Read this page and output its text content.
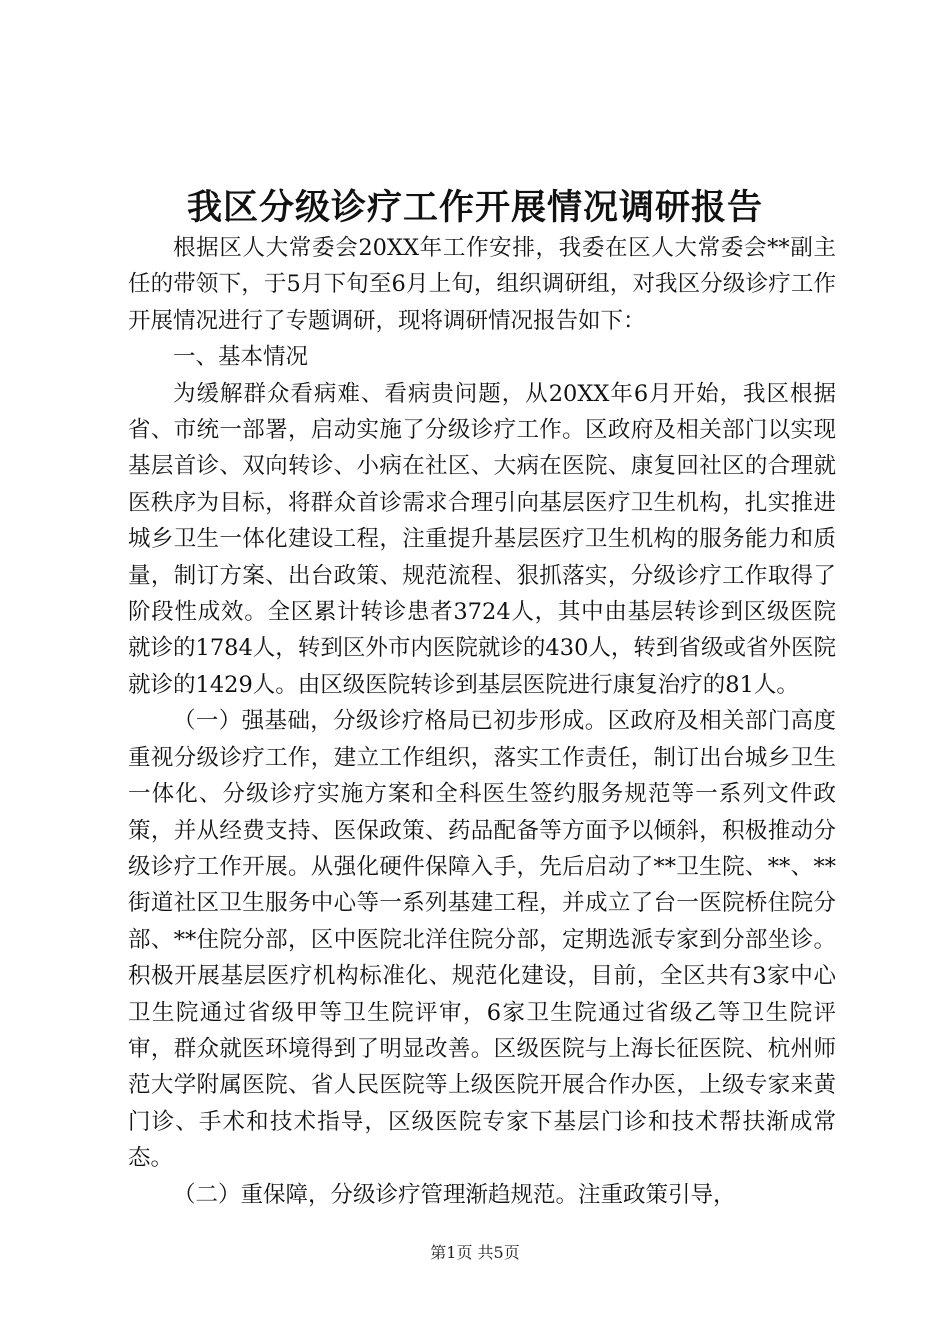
我区分级诊疗工作开展情况调研报告

根据区人大常委会20XX年工作安排，我委在区人大常委会**副主任的带领下，于5月下旬至6月上旬，组织调研组，对我区分级诊疗工作开展情况进行了专题调研，现将调研情况报告如下：

一、基本情况

为缓解群众看病难、看病贵问题，从20XX年6月开始，我区根据省、市统一部署，启动实施了分级诊疗工作。区政府及相关部门以实现基层首诊、双向转诊、小病在社区、大病在医院、康复回社区的合理就医秩序为目标，将群众首诊需求合理引向基层医疗卫生机构，扎实推进城乡卫生一体化建设工程，注重提升基层医疗卫生机构的服务能力和质量，制订方案、出台政策、规范流程、狠抓落实，分级诊疗工作取得了阶段性成效。全区累计转诊患者3724人，其中由基层转诊到区级医院就诊的1784人，转到区外市内医院就诊的430人，转到省级或省外医院就诊的1429人。由区级医院转诊到基层医院进行康复治疗的81人。

（一）强基础，分级诊疗格局已初步形成。区政府及相关部门高度重视分级诊疗工作，建立工作组织，落实工作责任，制订出台城乡卫生一体化、分级诊疗实施方案和全科医生签约服务规范等一系列文件政策，并从经费支持、医保政策、药品配备等方面予以倾斜，积极推动分级诊疗工作开展。从强化硬件保障入手，先后启动了**卫生院、**、**街道社区卫生服务中心等一系列基建工程，并成立了台一医院桥住院分部、**住院分部，区中医院北洋住院分部，定期选派专家到分部坐诊。积极开展基层医疗机构标准化、规范化建设，目前，全区共有3家中心卫生院通过省级甲等卫生院评审，6家卫生院通过省级乙等卫生院评审，群众就医环境得到了明显改善。区级医院与上海长征医院、杭州师范大学附属医院、省人民医院等上级医院开展合作办医，上级专家来黄门诊、手术和技术指导，区级医院专家下基层门诊和技术帮扶渐成常态。

（二）重保障，分级诊疗管理渐趋规范。注重政策引导，

第1页 共5页
